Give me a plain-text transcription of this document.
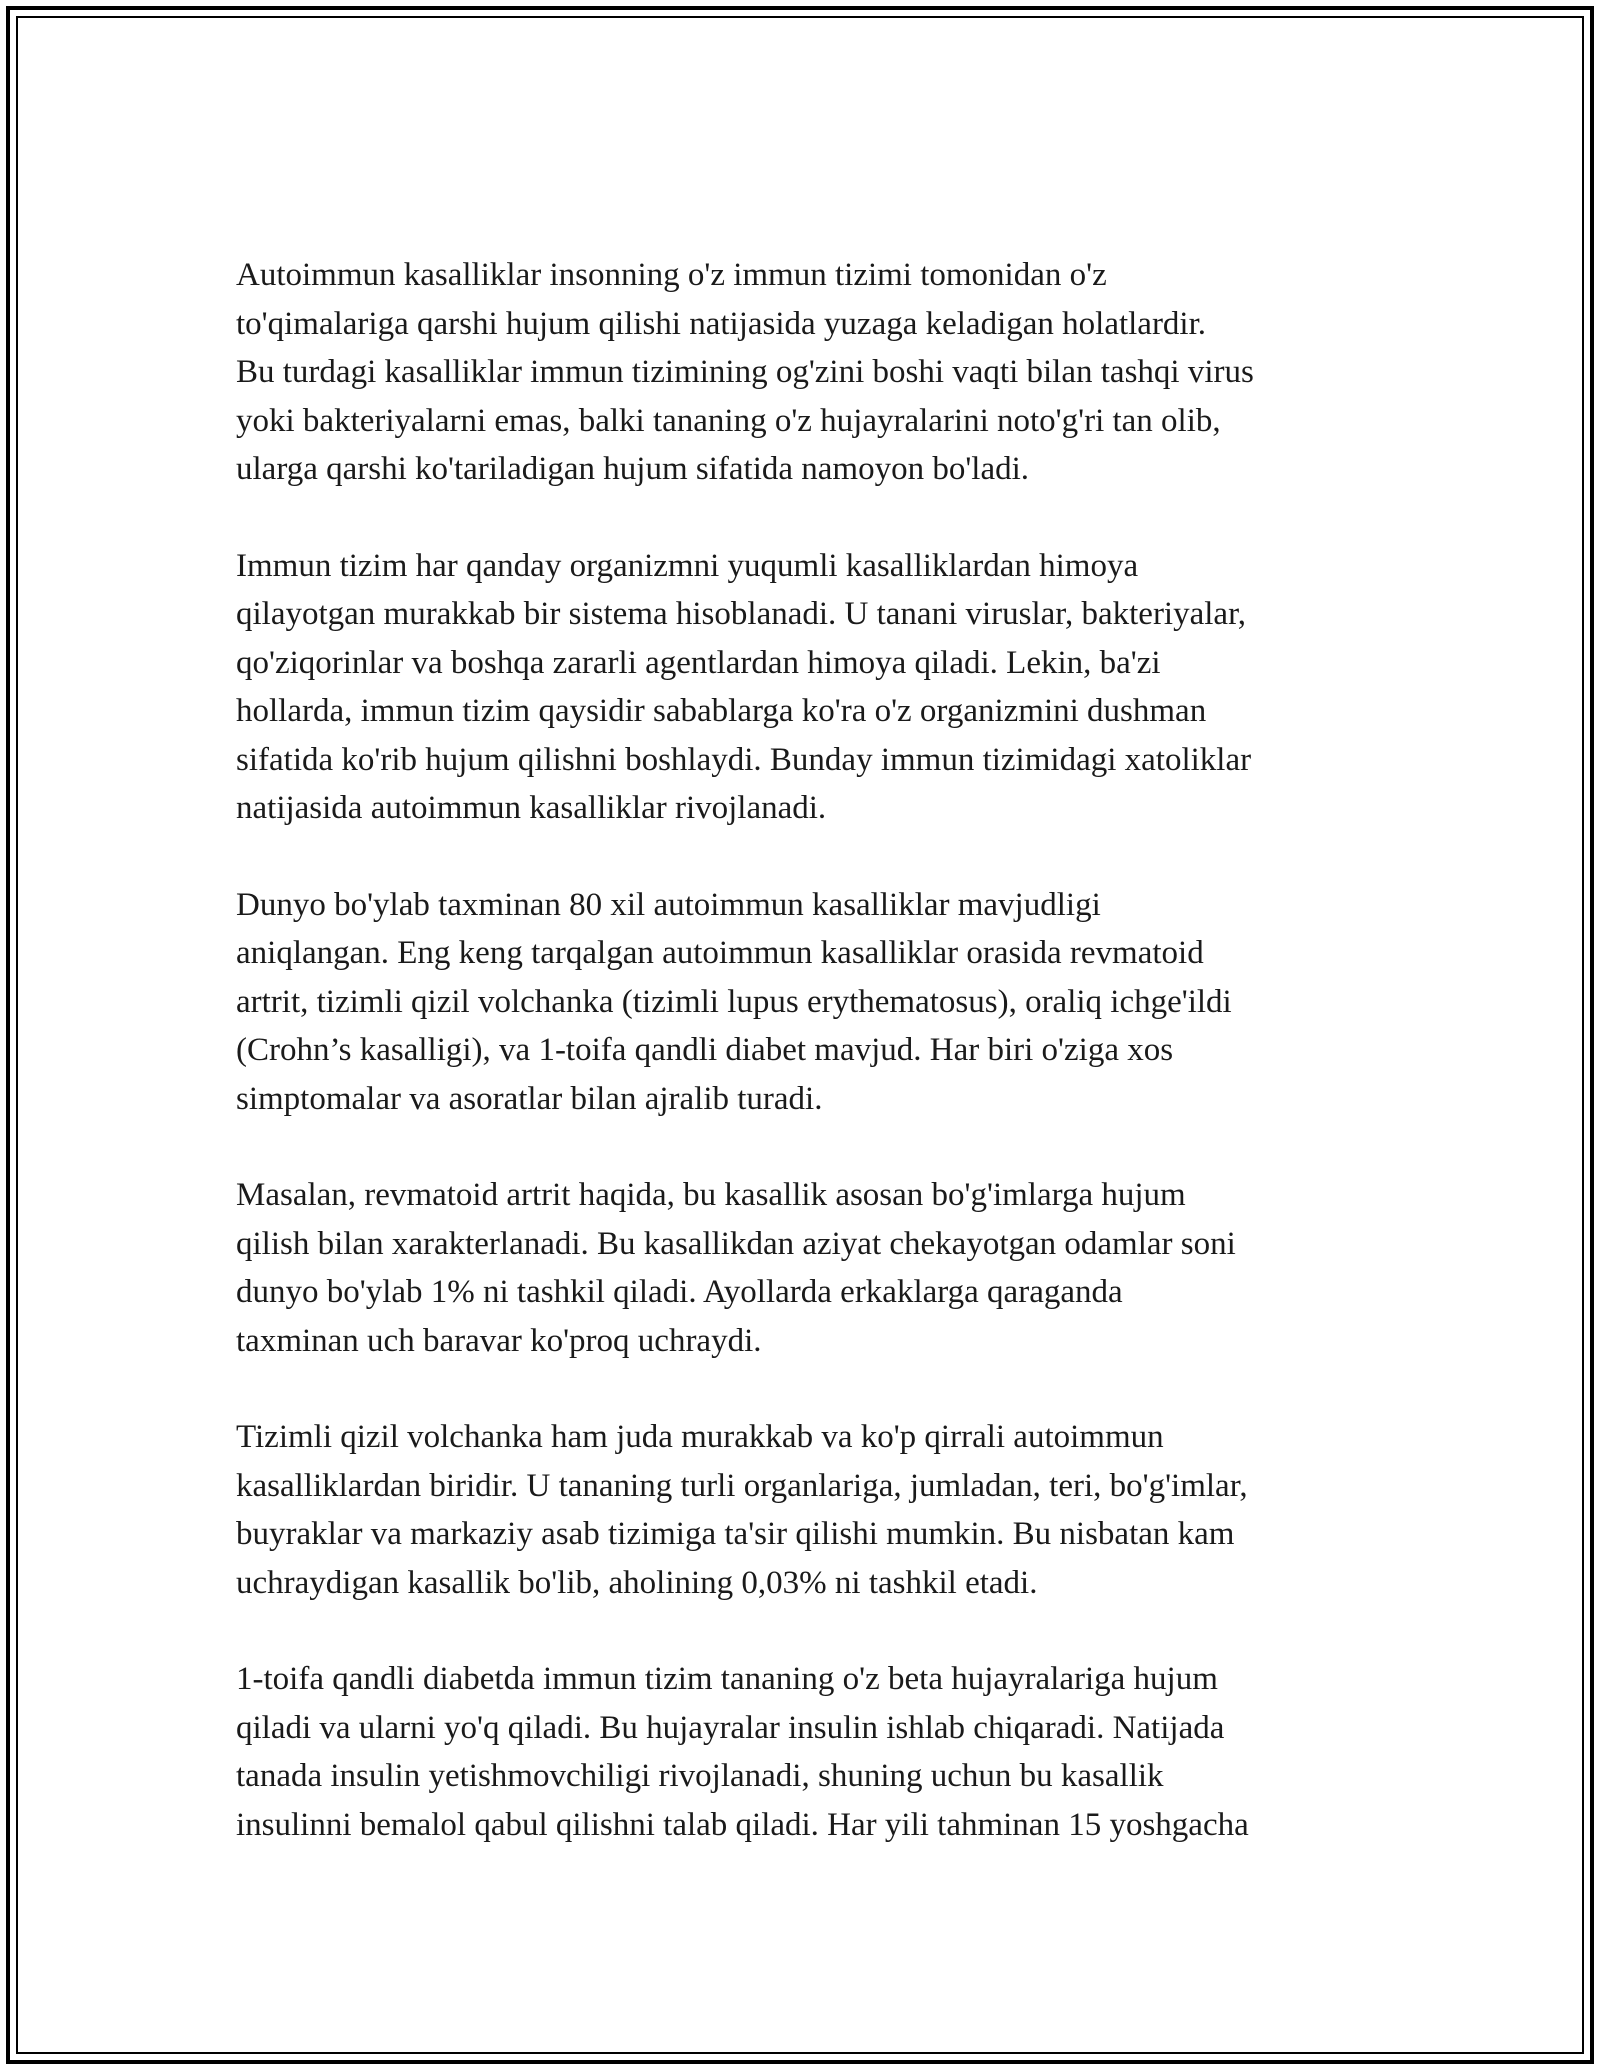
Autoimmun kasalliklar insonning o'z immun tizimi tomonidan o'z
to'qimalariga qarshi hujum qilishi natijasida yuzaga keladigan holatlardir.
Bu turdagi kasalliklar immun tizimining og'zini boshi vaqti bilan tashqi virus
yoki bakteriyalarni emas, balki tananing o'z hujayralarini noto'g'ri tan olib,
ularga qarshi ko'tariladigan hujum sifatida namoyon bo'ladi.

Immun tizim har qanday organizmni yuqumli kasalliklardan himoya
qilayotgan murakkab bir sistema hisoblanadi. U tanani viruslar, bakteriyalar,
qo'ziqorinlar va boshqa zararli agentlardan himoya qiladi. Lekin, ba'zi
hollarda, immun tizim qaysidir sabablarga ko'ra o'z organizmini dushman
sifatida ko'rib hujum qilishni boshlaydi. Bunday immun tizimidagi xatoliklar
natijasida autoimmun kasalliklar rivojlanadi.

Dunyo bo'ylab taxminan 80 xil autoimmun kasalliklar mavjudligi
aniqlangan. Eng keng tarqalgan autoimmun kasalliklar orasida revmatoid
artrit, tizimli qizil volchanka (tizimli lupus erythematosus), oraliq ichge'ildi
(Crohn’s kasalligi), va 1-toifa qandli diabet mavjud. Har biri o'ziga xos
simptomalar va asoratlar bilan ajralib turadi.

Masalan, revmatoid artrit haqida, bu kasallik asosan bo'g'imlarga hujum
qilish bilan xarakterlanadi. Bu kasallikdan aziyat chekayotgan odamlar soni
dunyo bo'ylab 1% ni tashkil qiladi. Ayollarda erkaklarga qaraganda
taxminan uch baravar ko'proq uchraydi.

Tizimli qizil volchanka ham juda murakkab va ko'p qirrali autoimmun
kasalliklardan biridir. U tananing turli organlariga, jumladan, teri, bo'g'imlar,
buyraklar va markaziy asab tizimiga ta'sir qilishi mumkin. Bu nisbatan kam
uchraydigan kasallik bo'lib, aholining 0,03% ni tashkil etadi.

1-toifa qandli diabetda immun tizim tananing o'z beta hujayralariga hujum
qiladi va ularni yo'q qiladi. Bu hujayralar insulin ishlab chiqaradi. Natijada
tanada insulin yetishmovchiligi rivojlanadi, shuning uchun bu kasallik
insulinni bemalol qabul qilishni talab qiladi. Har yili tahminan 15 yoshgacha
